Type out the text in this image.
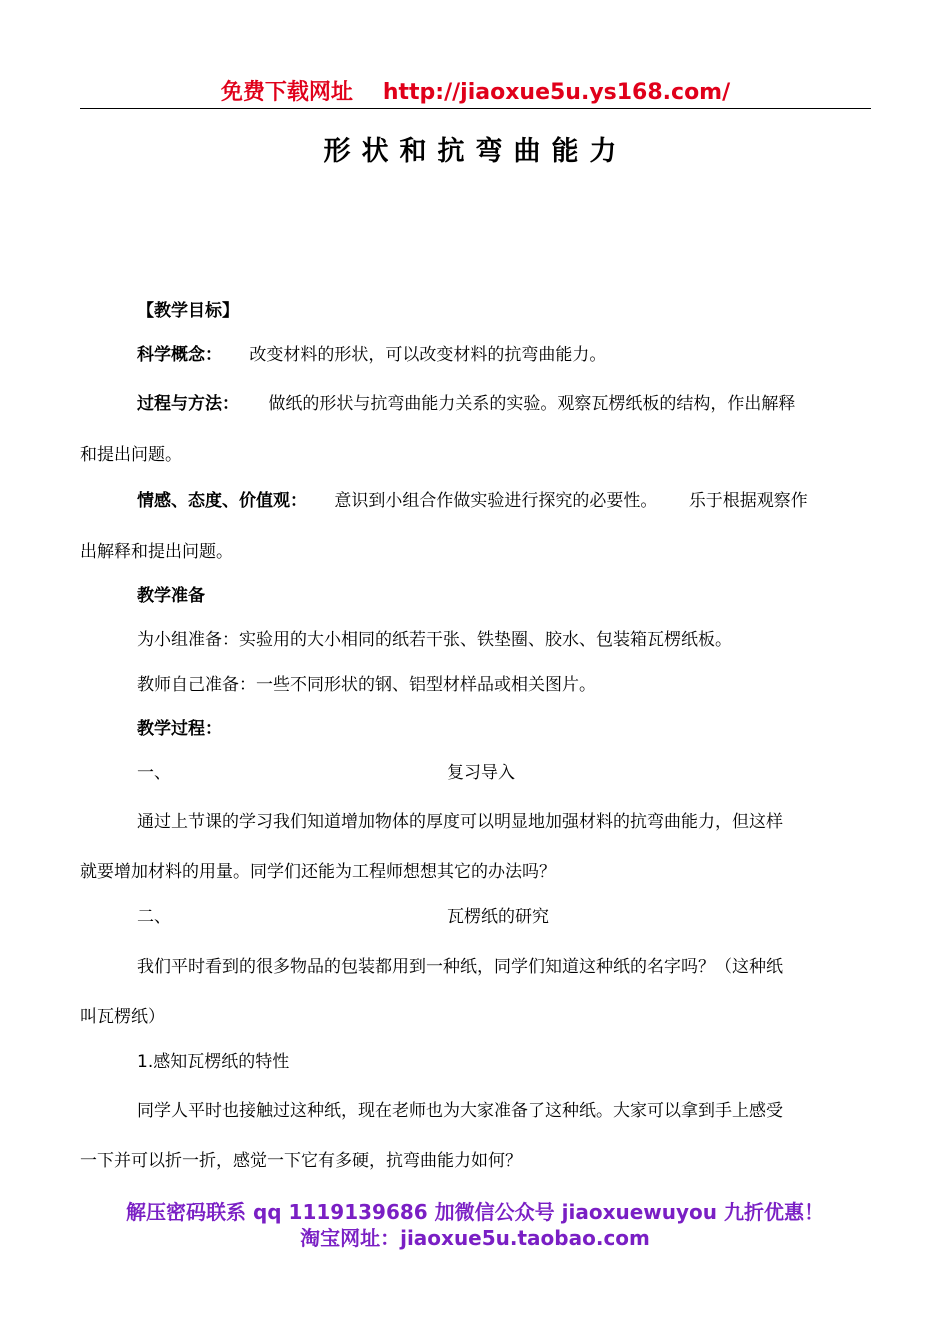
免费下载网址 http://jiaoxue5u.ys168.com/
形状和抗弯曲能力
【教学目标】
科学概念： 改变材料的形状，可以改变材料的抗弯曲能力。
过程与方法： 做纸的形状与抗弯曲能力关系的实验。观察瓦楞纸板的结构，作出解释
和提出问题。
情感、态度、价值观： 意识到小组合作做实验进行探究的必要性。 乐于根据观察作
出解释和提出问题。
教学准备
为小组准备：实验用的大小相同的纸若干张、铁垫圈、胶水、包装箱瓦楞纸板。
教师自己准备：一些不同形状的钢、铝型材样品或相关图片。
教学过程：
一、	复习导入
通过上节课的学习我们知道增加物体的厚度可以明显地加强材料的抗弯曲能力，但这样
就要增加材料的用量。同学们还能为工程师想想其它的办法吗？
二、	瓦楞纸的研究
我们平时看到的很多物品的包装都用到一种纸，同学们知道这种纸的名字吗？（这种纸
叫瓦楞纸）
1.感知瓦楞纸的特性
同学人平时也接触过这种纸，现在老师也为大家准备了这种纸。大家可以拿到手上感受
一下并可以折一折，感觉一下它有多硬，抗弯曲能力如何？
解压密码联系 qq 1119139686 加微信公众号 jiaoxuewuyou 九折优惠！
淘宝网址：jiaoxue5u.taobao.com
